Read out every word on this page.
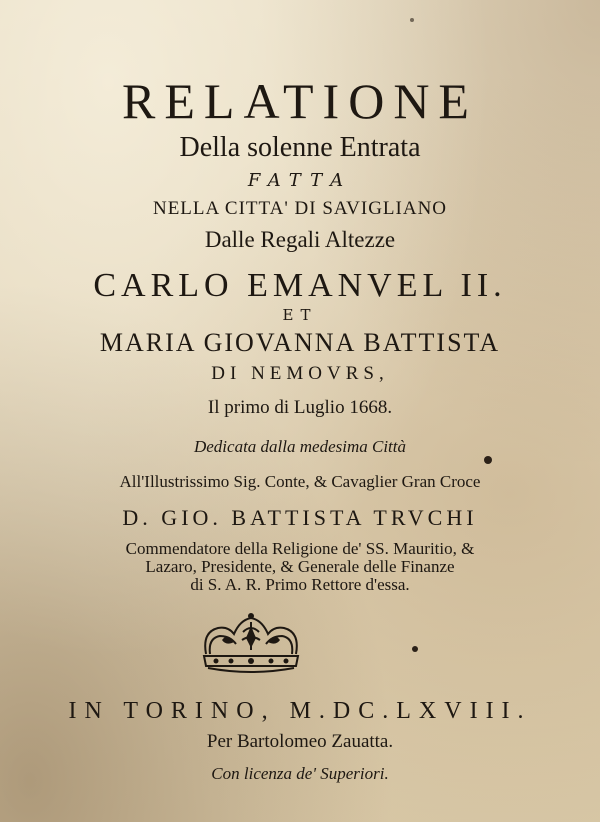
RELATIONE
Della solenne Entrata
FATTA
NELLA CITTA' DI SAVIGLIANO
Dalle Regali Altezze
CARLO EMANVEL II.
ET
MARIA GIOVANNA BATTISTA
DI NEMOVRS,
Il primo di Luglio 1668.
Dedicata dalla medesima Città
All'Illustrissimo Sig. Conte, & Cavaglier Gran Croce
D. GIO. BATTISTA TRVCHI
Commendatore della Religione de' SS. Mauritio, &
Lazaro, Presidente, & Generale delle Finanze
di S. A. R. Primo Rettore d'essa.
IN TORINO, M.DC.LXVIII.
Per Bartolomeo Zauatta.
Con licenza de' Superiori.
